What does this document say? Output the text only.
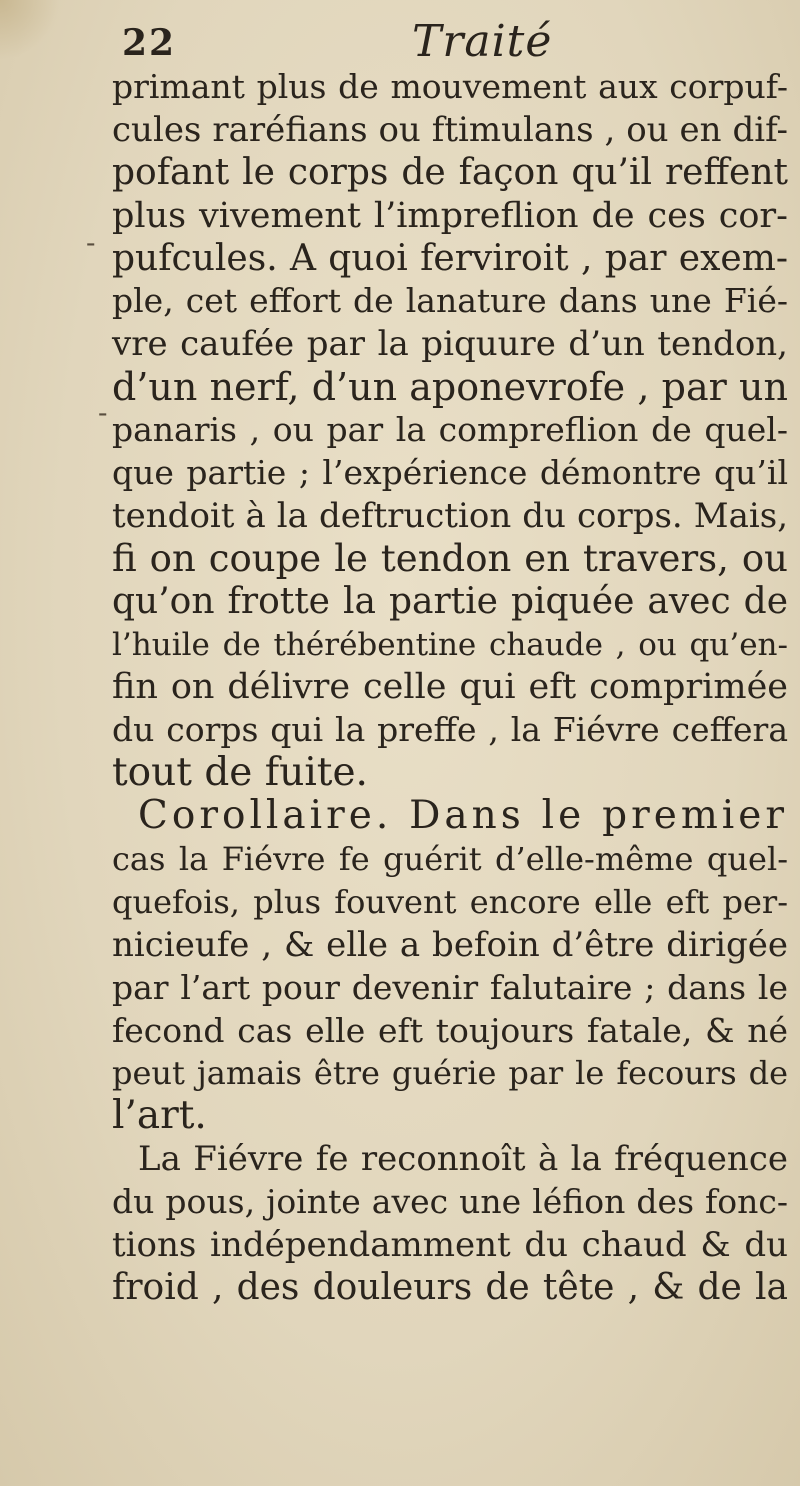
22	Traité
-
-
primant plus de mouvement aux corpuf-
cules raréfians ou ftimulans , ou en dif-
pofant le corps de façon qu’il reffent
plus vivement l’impreflion de ces cor-
pufcules. A quoi ferviroit , par exem-
ple, cet effort de lanature dans une Fié-
vre caufée par la piquure d’un tendon,
d’un nerf, d’un aponevrofe , par un
panaris , ou par la compreflion de quel-
que partie ; l’expérience démontre qu’il
tendoit à la deftruction du corps. Mais,
fi on coupe le tendon en travers, ou
qu’on frotte la partie piquée avec de
l’huile de thérébentine chaude , ou qu’en-
fin on délivre celle qui eft comprimée
du corps qui la preffe , la Fiévre ceffera
tout de fuite.
Corollaire. Dans le premier
cas la Fiévre fe guérit d’elle-même quel-
quefois, plus fouvent encore elle eft per-
nicieufe , & elle a befoin d’être dirigée
par l’art pour devenir falutaire ; dans le
fecond cas elle eft toujours fatale, & né
peut jamais être guérie par le fecours de
l’art.
La Fiévre fe reconnoît à la fréquence
du pous, jointe avec une léfion des fonc-
tions indépendamment du chaud & du
froid , des douleurs de tête , & de la
